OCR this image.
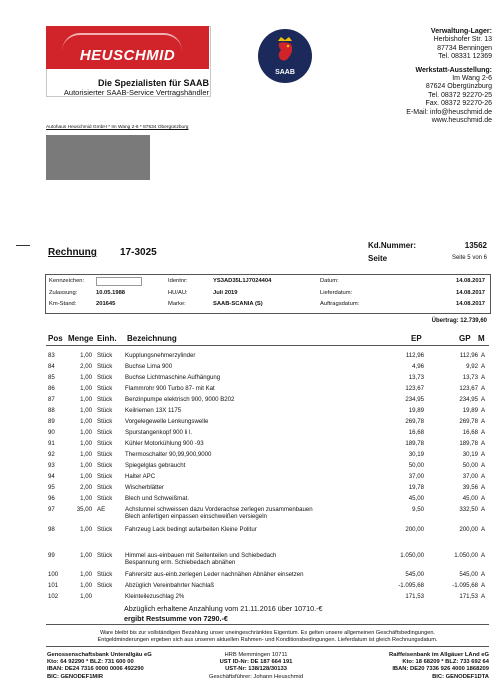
HEUSCHMID
Die Spezialisten für SAAB
Autorisierter SAAB-Service Vertragshändler
SAAB
Verwaltung-Lager:
Herbishofer Str. 13
87734 Benningen
Tel. 08331 12369
Werkstatt-Ausstellung:
Im Wang 2-6
87624 Obergünzburg
Tel. 08372 92270-25
Fax. 08372 92270-26
E-Mail: info@heuschmid.de
www.heuschmid.de
Autohaus Heuschmid GmbH * Im Wang 2-6 * 87634 Obergünzburg
Rechnung 17-3025
Kd.Nummer:	13562
Seite	Seite 5 von 6
Kennzeichen:
Zulassung:	10.05.1988
Km-Stand:	201645
Identnr:	YS3AD35L1J7024404
HU/AU:	Juli 2019
Marke:	SAAB-SCANIA (S)
Datum:	14.08.2017
Lieferdatum:	14.08.2017
Auftragsdatum:	14.08.2017
Übertrag: 12.739,60
Pos Menge Einh. Bezeichnung	EP	GP M
83	1,00 Stück Kupplungsnehmerzylinder	112,96	112,96 A
84	2,00 Stück Buchse Lima 900	4,96	9,92 A
85	1,00 Stück Buchse Lichtmaschine Aufhängung	13,73	13,73 A
86	1,00 Stück Flammrohr 900 Turbo 87- mit Kat	123,67	123,67 A
87	1,00 Stück Benzinpumpe elektrisch 900, 9000 B202	234,95	234,95 A
88	1,00 Stück Keilriemen 13X 1175	19,89	19,89 A
89	1,00 Stück Vorgelegewelle Lenkungswelle	269,78	269,78 A
90	1,00 Stück Spurstangenkopf 900 li l.	16,68	16,68 A
91	1,00 Stück Kühler Motorkühlung 900 -93	189,78	189,78 A
92	1,00 Stück Thermoschalter 90,99,900,9000	30,19	30,19 A
93	1,00 Stück Spiegelglas gebraucht	50,00	50,00 A
94	1,00 Stück Halter APC	37,00	37,00 A
95	2,00 Stück Wischerblätter	19,78	39,56 A
96	1,00 Stück Blech und Schweißmat.	45,00	45,00 A
97	35,00 AE	Achstunnel schweissen dazu Vorderachse zerlegen zusammenbauen	9,50	332,50 A
Blech anfertigen einpassen einschweißen versiegeln
98	1,00 Stück Fahrzeug Lack bedingt aufarbeiten Kleine Politur	200,00	200,00 A
99	1,00 Stück Himmel aus-einbauen mit Seitenteilen und Schiebedach	1.050,00	1.050,00 A
Bespannung erm. Schiebedach abnähen
100	1,00 Stück Fahrersitz aus-einb.zerlegen Leder nachnähen Abnäher einsetzen	545,00	545,00 A
101	1,00 Stück Abzüglich Vereinbahrter Nachlaß	-1.095,68	-1.095,68 A
102	1,00	Kleinteilezuschlag 2%	171,53	171,53 A
Abzüglich erhaltene Anzahlung vom 21.11.2016 über 10710.-€
ergibt Restsumme von 7290.-€
Ware bleibt bis zur vollständigen Bezahlung unser uneingeschränktes Eigentum. Es gelten unsere allgemeinen Geschäftsbedingungen.
Entgeldminderungen ergeben sich aus unseren aktuellen Rahmen- und Konditionsbedingungen. Lieferdatum ist gleich Rechnungsdatum.
Genossenschaftsbank Unterallgäu eG
Kto: 64 92290 * BLZ: 731 600 00
IBAN: DE24 7316 0000 0006 492290
BIC: GENODEF1MIR
HRB Memmingen 10711
UST ID-Nr: DE 187 664 191
UST-Nr: 138/128/30133
Geschäftsführer: Johann Heuschmid
Raiffeisenbank im Allgäuer LAnd eG
Kto: 18 68209 * BLZ: 733 692 64
IBAN: DE20 7336 926 4000 1868209
BIC: GENODEF1DTA
